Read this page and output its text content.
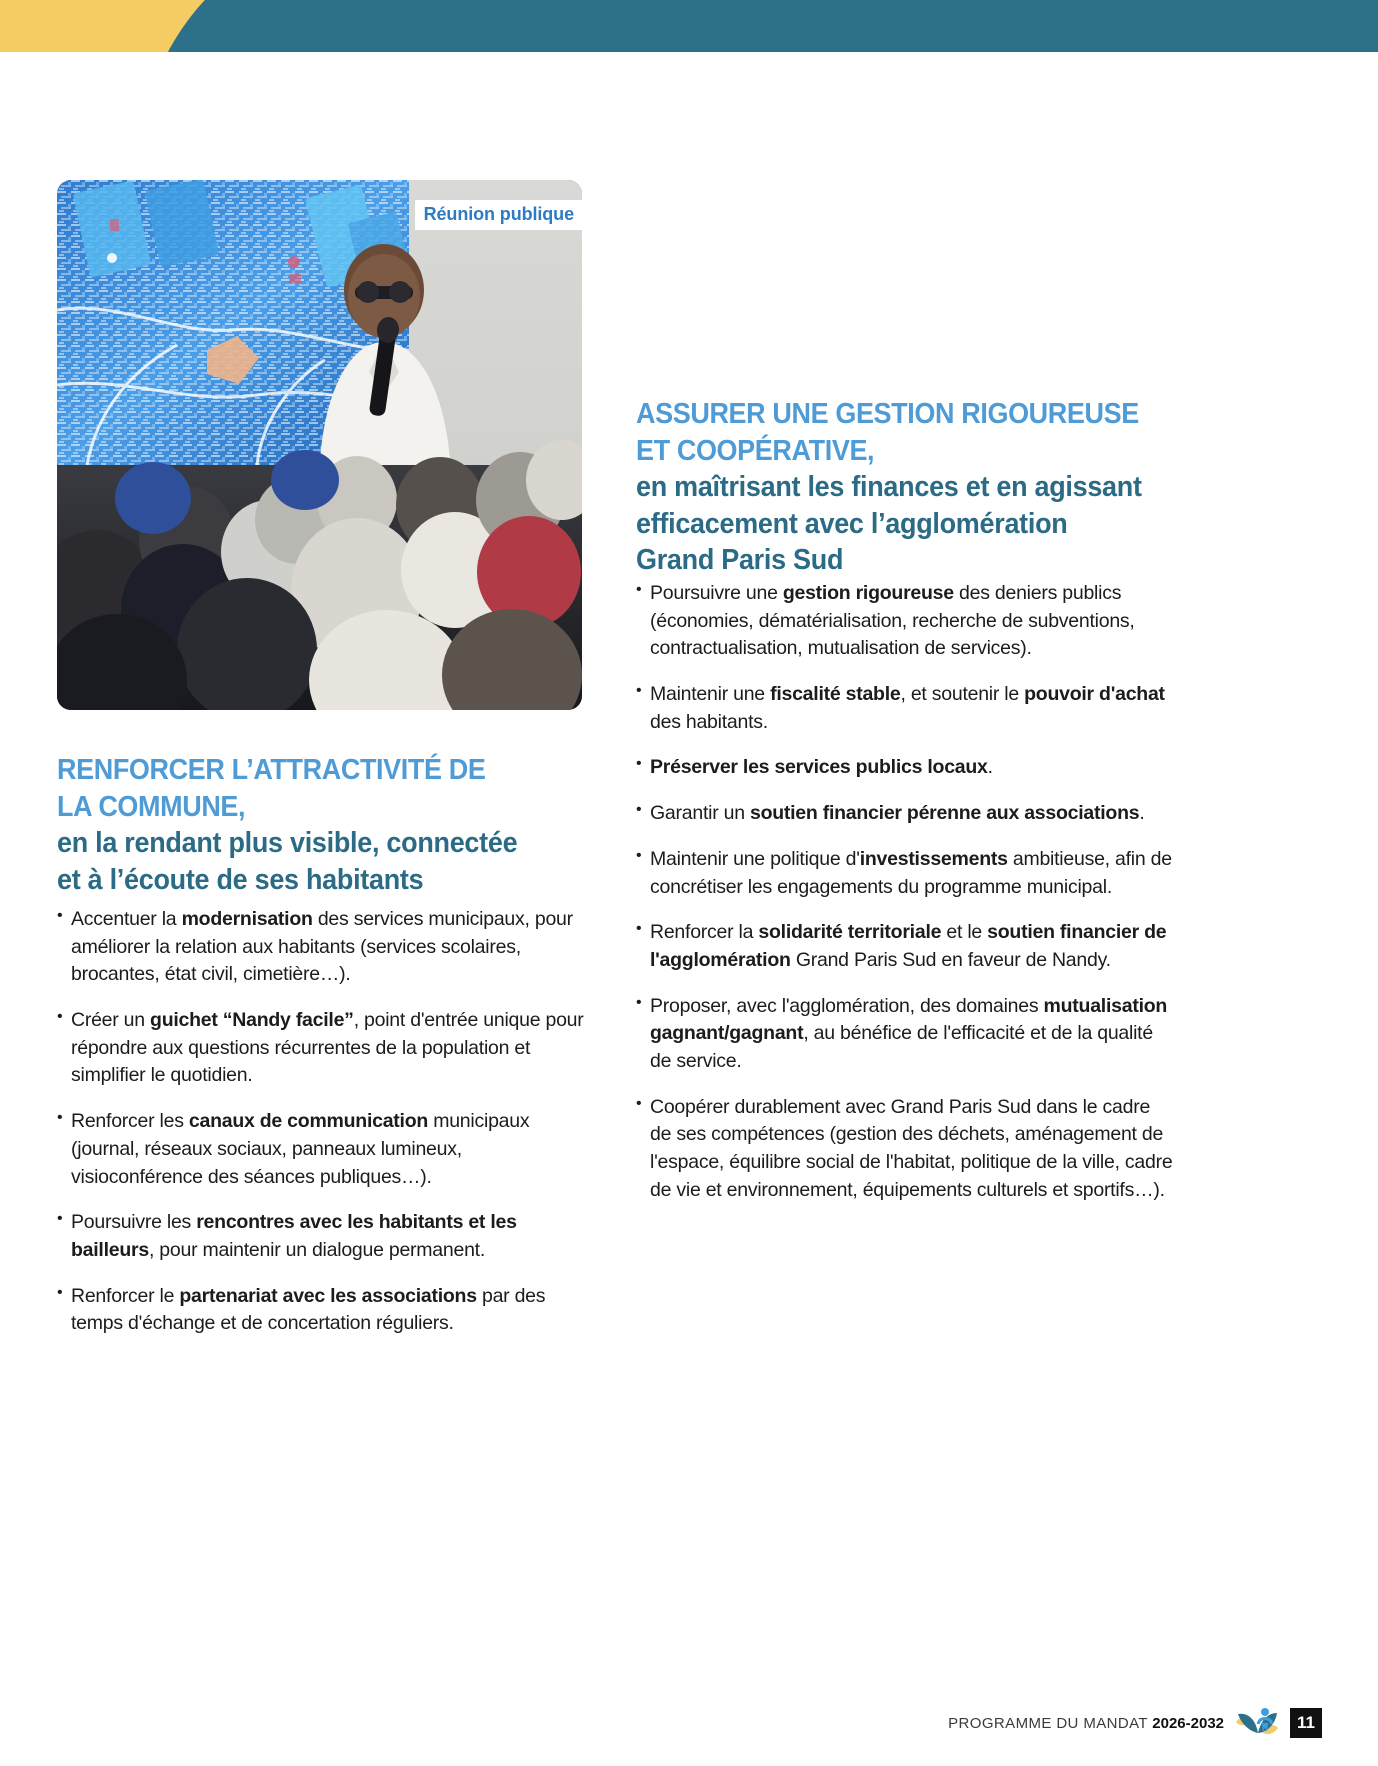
Réunion publique
RENFORCER L’ATTRACTIVITÉ DE
LA COMMUNE,
en la rendant plus visible, connectée
et à l’écoute de ses habitants
• Accentuer la modernisation des services municipaux, pour améliorer la relation aux habitants (services scolaires, brocantes, état civil, cimetière…).
• Créer un guichet “Nandy facile”, point d'entrée unique pour répondre aux questions récurrentes de la population et simplifier le quotidien.
• Renforcer les canaux de communication municipaux (journal, réseaux sociaux, panneaux lumineux, visioconférence des séances publiques…).
• Poursuivre les rencontres avec les habitants et les bailleurs, pour maintenir un dialogue permanent.
• Renforcer le partenariat avec les associations par des temps d'échange et de concertation réguliers.
ASSURER UNE GESTION RIGOUREUSE
ET COOPÉRATIVE,
en maîtrisant les finances et en agissant
efficacement avec l’agglomération
Grand Paris Sud
• Poursuivre une gestion rigoureuse des deniers publics (économies, dématérialisation, recherche de subventions, contractualisation, mutualisation de services).
• Maintenir une fiscalité stable, et soutenir le pouvoir d'achat des habitants.
• Préserver les services publics locaux.
• Garantir un soutien financier pérenne aux associations.
• Maintenir une politique d'investissements ambitieuse, afin de concrétiser les engagements du programme municipal.
• Renforcer la solidarité territoriale et le soutien financier de l'agglomération Grand Paris Sud en faveur de Nandy.
• Proposer, avec l'agglomération, des domaines mutualisation gagnant/gagnant, au bénéfice de l'efficacité et de la qualité de service.
• Coopérer durablement avec Grand Paris Sud dans le cadre de ses compétences (gestion des déchets, aménagement de l'espace, équilibre social de l'habitat, politique de la ville, cadre de vie et environnement, équipements culturels et sportifs…).
PROGRAMME DU MANDAT 2026-2032	11
